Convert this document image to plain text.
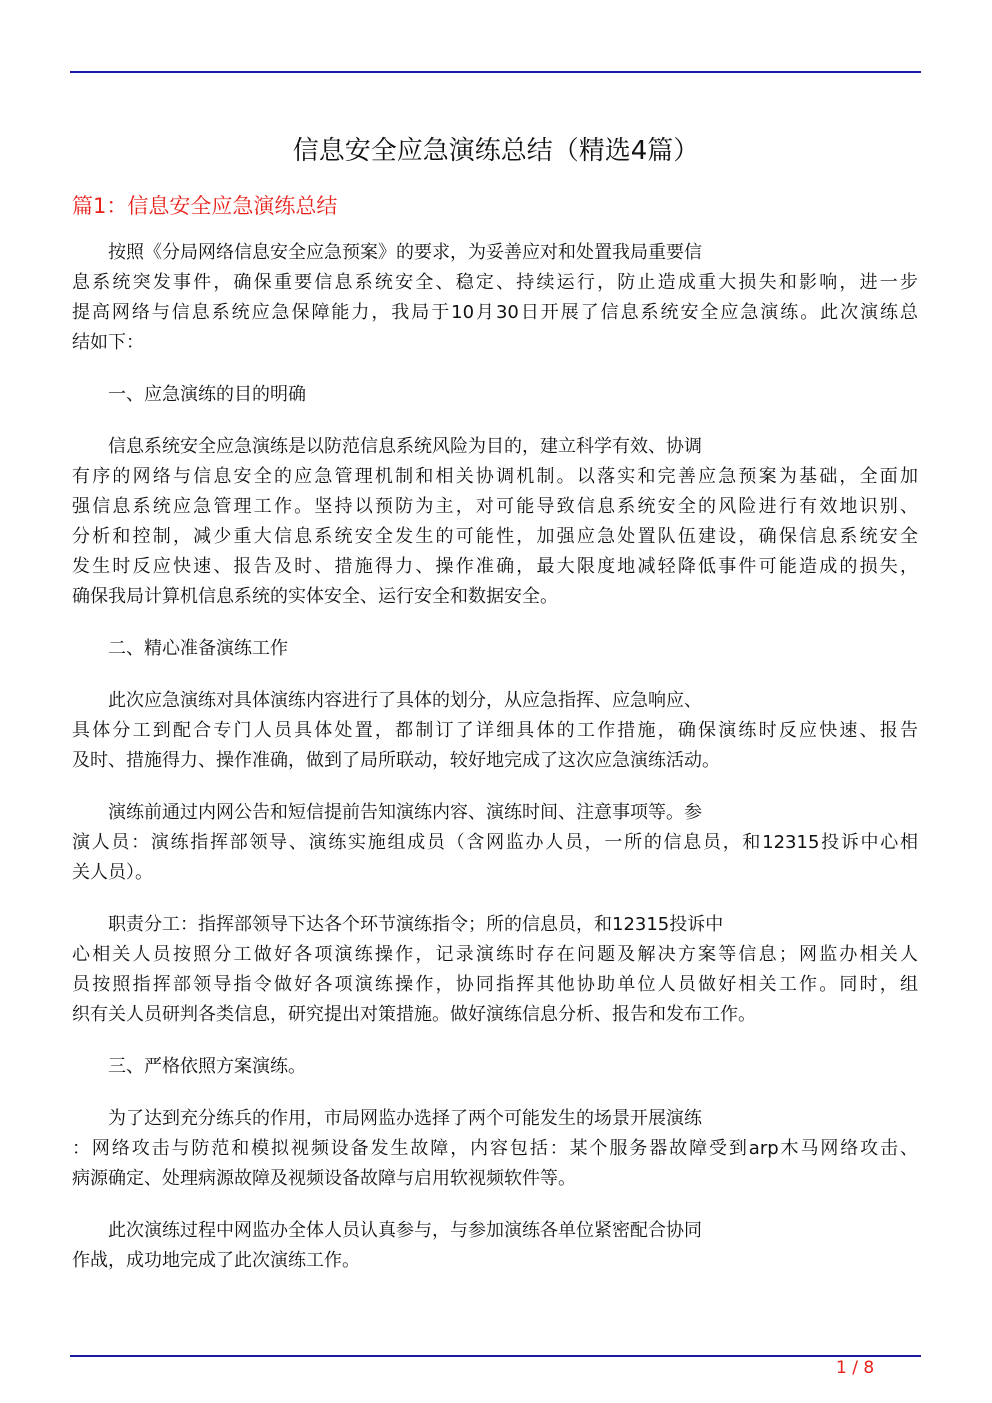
信息安全应急演练总结（精选4篇）
篇1：信息安全应急演练总结
按照《分局网络信息安全应急预案》的要求，为妥善应对和处置我局重要信
息系统突发事件，确保重要信息系统安全、稳定、持续运行，防止造成重大损失和影响，进一步
提高网络与信息系统应急保障能力，我局于10月30日开展了信息系统安全应急演练。此次演练总
结如下：
一、应急演练的目的明确
信息系统安全应急演练是以防范信息系统风险为目的，建立科学有效、协调
有序的网络与信息安全的应急管理机制和相关协调机制。以落实和完善应急预案为基础，全面加
强信息系统应急管理工作。坚持以预防为主，对可能导致信息系统安全的风险进行有效地识别、
分析和控制，减少重大信息系统安全发生的可能性，加强应急处置队伍建设，确保信息系统安全
发生时反应快速、报告及时、措施得力、操作准确，最大限度地减轻降低事件可能造成的损失，
确保我局计算机信息系统的实体安全、运行安全和数据安全。
二、精心准备演练工作
此次应急演练对具体演练内容进行了具体的划分，从应急指挥、应急响应、
具体分工到配合专门人员具体处置，都制订了详细具体的工作措施，确保演练时反应快速、报告
及时、措施得力、操作准确，做到了局所联动，较好地完成了这次应急演练活动。
演练前通过内网公告和短信提前告知演练内容、演练时间、注意事项等。参
演人员：演练指挥部领导、演练实施组成员（含网监办人员，一所的信息员，和12315投诉中心相
关人员）。
职责分工：指挥部领导下达各个环节演练指令；所的信息员，和12315投诉中
心相关人员按照分工做好各项演练操作，记录演练时存在问题及解决方案等信息；网监办相关人
员按照指挥部领导指令做好各项演练操作，协同指挥其他协助单位人员做好相关工作。同时，组
织有关人员研判各类信息，研究提出对策措施。做好演练信息分析、报告和发布工作。
三、严格依照方案演练。
为了达到充分练兵的作用，市局网监办选择了两个可能发生的场景开展演练
：网络攻击与防范和模拟视频设备发生故障，内容包括：某个服务器故障受到arp木马网络攻击、
病源确定、处理病源故障及视频设备故障与启用软视频软件等。
此次演练过程中网监办全体人员认真参与，与参加演练各单位紧密配合协同
作战，成功地完成了此次演练工作。
1 / 8
